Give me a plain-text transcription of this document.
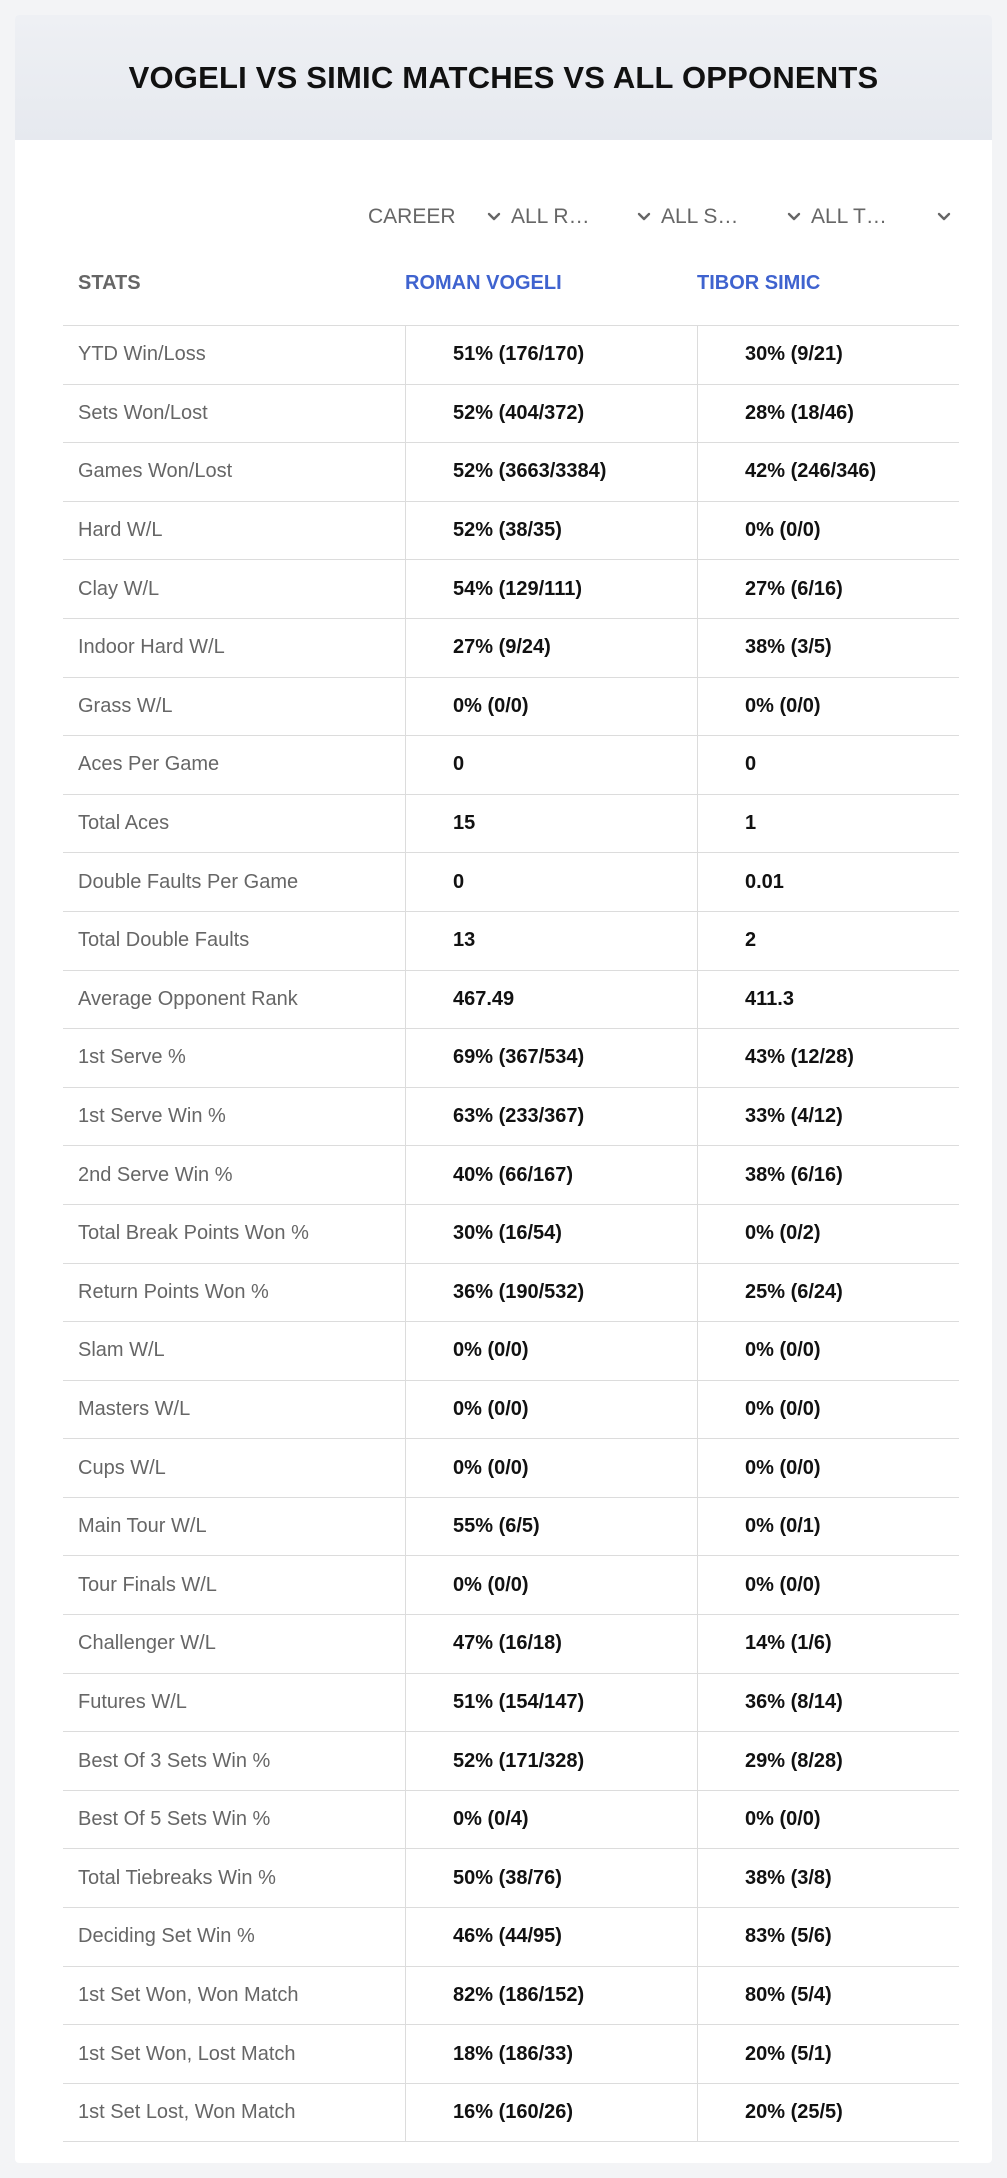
VOGELI VS SIMIC MATCHES VS ALL OPPONENTS
CAREER	ALL R…	ALL S…	ALL T…
STATS	ROMAN VOGELI	TIBOR SIMIC
YTD Win/Loss	51% (176/170)	30% (9/21)
Sets Won/Lost	52% (404/372)	28% (18/46)
Games Won/Lost	52% (3663/3384)	42% (246/346)
Hard W/L	52% (38/35)	0% (0/0)
Clay W/L	54% (129/111)	27% (6/16)
Indoor Hard W/L	27% (9/24)	38% (3/5)
Grass W/L	0% (0/0)	0% (0/0)
Aces Per Game	0	0
Total Aces	15	1
Double Faults Per Game	0	0.01
Total Double Faults	13	2
Average Opponent Rank	467.49	411.3
1st Serve %	69% (367/534)	43% (12/28)
1st Serve Win %	63% (233/367)	33% (4/12)
2nd Serve Win %	40% (66/167)	38% (6/16)
Total Break Points Won %	30% (16/54)	0% (0/2)
Return Points Won %	36% (190/532)	25% (6/24)
Slam W/L	0% (0/0)	0% (0/0)
Masters W/L	0% (0/0)	0% (0/0)
Cups W/L	0% (0/0)	0% (0/0)
Main Tour W/L	55% (6/5)	0% (0/1)
Tour Finals W/L	0% (0/0)	0% (0/0)
Challenger W/L	47% (16/18)	14% (1/6)
Futures W/L	51% (154/147)	36% (8/14)
Best Of 3 Sets Win %	52% (171/328)	29% (8/28)
Best Of 5 Sets Win %	0% (0/4)	0% (0/0)
Total Tiebreaks Win %	50% (38/76)	38% (3/8)
Deciding Set Win %	46% (44/95)	83% (5/6)
1st Set Won, Won Match	82% (186/152)	80% (5/4)
1st Set Won, Lost Match	18% (186/33)	20% (5/1)
1st Set Lost, Won Match	16% (160/26)	20% (25/5)
